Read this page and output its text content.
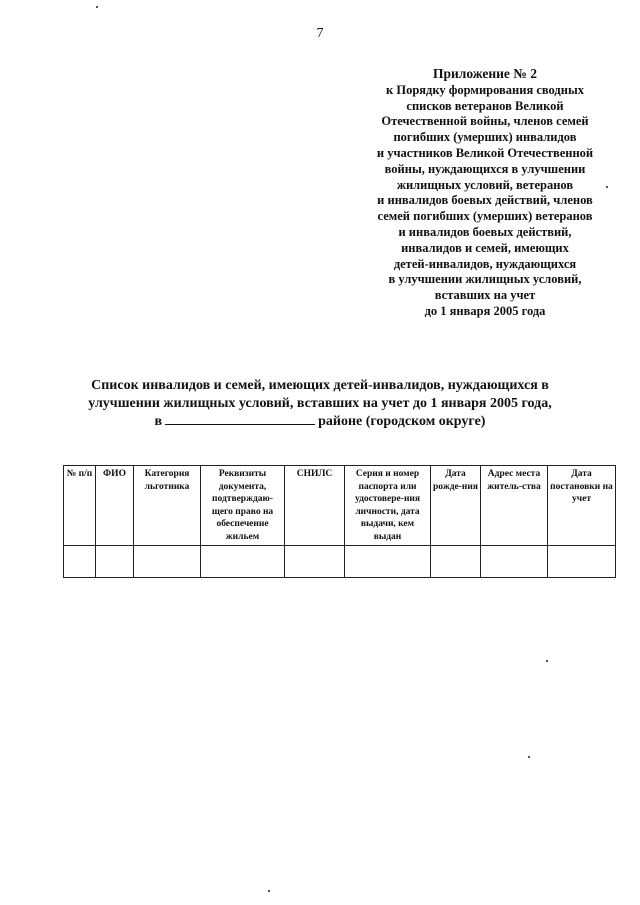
7
Приложение № 2
к Порядку формирования сводных
списков ветеранов Великой
Отечественной войны, членов семей
погибших (умерших) инвалидов
и участников Великой Отечественной
войны, нуждающихся в улучшении
жилищных условий, ветеранов
и инвалидов боевых действий, членов
семей погибших (умерших) ветеранов
и инвалидов боевых действий,
инвалидов и семей, имеющих
детей-инвалидов, нуждающихся
в улучшении жилищных условий,
вставших на учет
до 1 января 2005 года
Список инвалидов и семей, имеющих детей-инвалидов, нуждающихся в
улучшении жилищных условий, вставших на учет до 1 января 2005 года,
в	районе (городском округе)
№ п/п	ФИО	Категория льготника	Реквизиты документа, подтверждаю-щего право на обеспечение жильем	СНИЛС	Серия и номер паспорта или удостовере-ния личности, дата выдачи, кем выдан	Дата рожде-ния	Адрес места житель-ства	Дата постановки на учет
